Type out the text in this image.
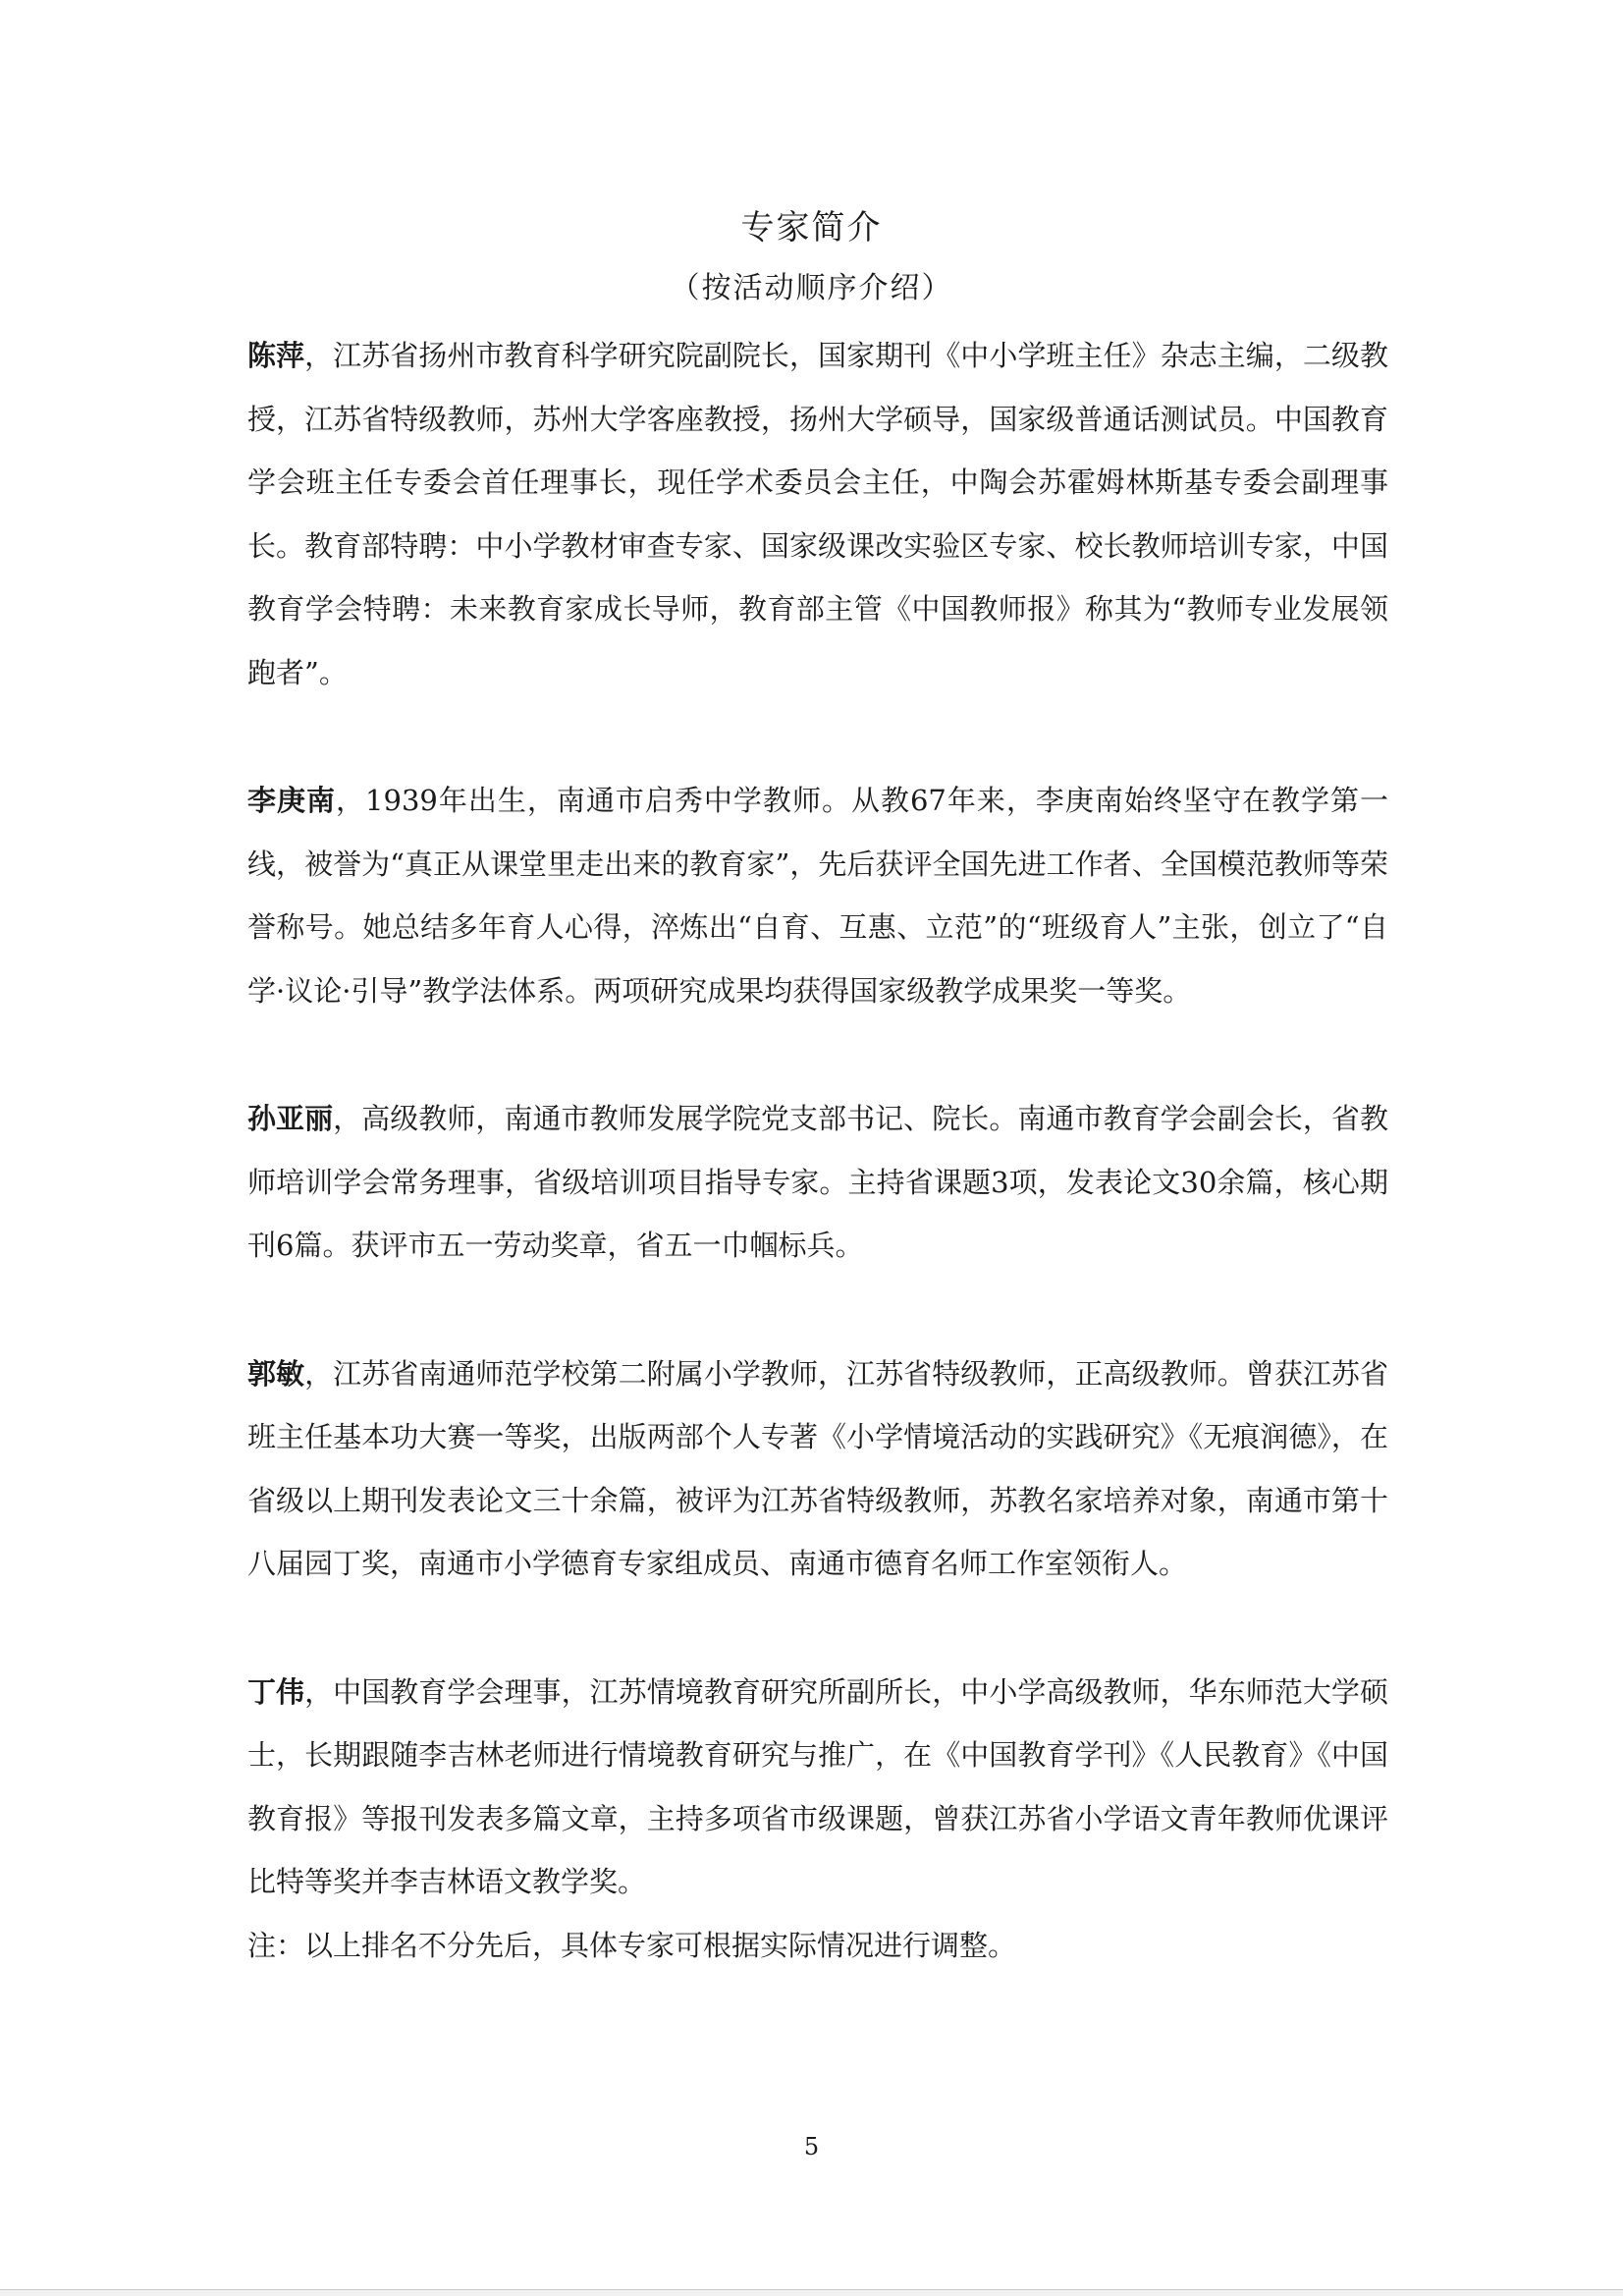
专家简介
（按活动顺序介绍）

陈萍，江苏省扬州市教育科学研究院副院长，国家期刊《中小学班主任》杂志主编，二级教授，江苏省特级教师，苏州大学客座教授，扬州大学硕导，国家级普通话测试员。中国教育学会班主任专委会首任理事长，现任学术委员会主任，中陶会苏霍姆林斯基专委会副理事长。教育部特聘：中小学教材审查专家、国家级课改实验区专家、校长教师培训专家，中国教育学会特聘：未来教育家成长导师，教育部主管《中国教师报》称其为“教师专业发展领跑者”。

李庚南，1939年出生，南通市启秀中学教师。从教67年来，李庚南始终坚守在教学第一线，被誉为“真正从课堂里走出来的教育家”，先后获评全国先进工作者、全国模范教师等荣誉称号。她总结多年育人心得，淬炼出“自育、互惠、立范”的“班级育人”主张，创立了“自学·议论·引导”教学法体系。两项研究成果均获得国家级教学成果奖一等奖。

孙亚丽，高级教师，南通市教师发展学院党支部书记、院长。南通市教育学会副会长，省教师培训学会常务理事，省级培训项目指导专家。主持省课题3项，发表论文30余篇，核心期刊6篇。获评市五一劳动奖章，省五一巾帼标兵。

郭敏，江苏省南通师范学校第二附属小学教师，江苏省特级教师，正高级教师。曾获江苏省班主任基本功大赛一等奖，出版两部个人专著《小学情境活动的实践研究》《无痕润德》，在省级以上期刊发表论文三十余篇，被评为江苏省特级教师，苏教名家培养对象，南通市第十八届园丁奖，南通市小学德育专家组成员、南通市德育名师工作室领衔人。

丁伟，中国教育学会理事，江苏情境教育研究所副所长，中小学高级教师，华东师范大学硕士，长期跟随李吉林老师进行情境教育研究与推广，在《中国教育学刊》《人民教育》《中国教育报》等报刊发表多篇文章，主持多项省市级课题，曾获江苏省小学语文青年教师优课评比特等奖并李吉林语文教学奖。

注：以上排名不分先后，具体专家可根据实际情况进行调整。

5
